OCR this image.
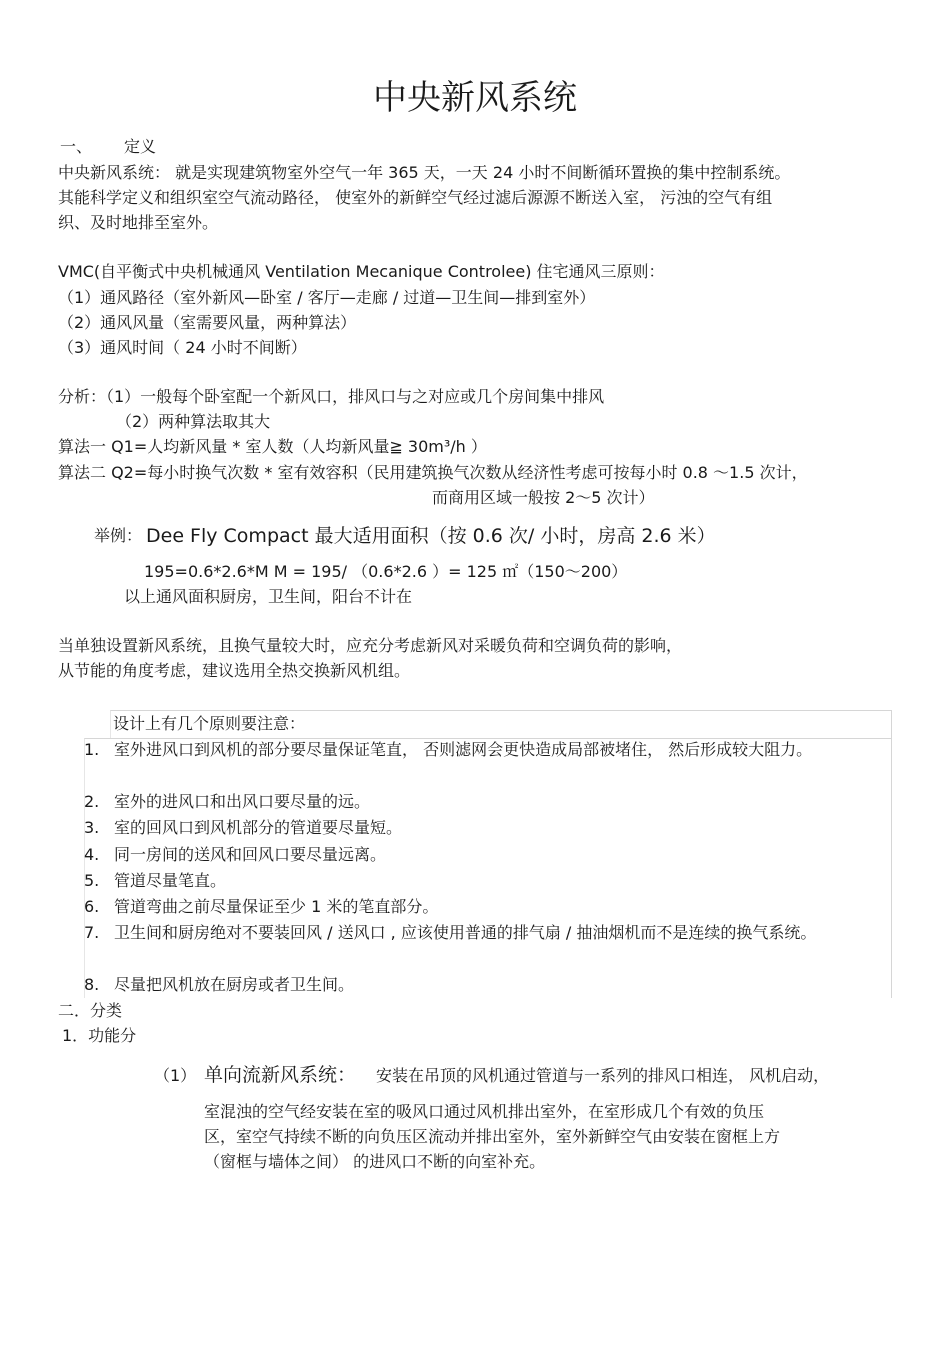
中央新风系统
一、 定义
中央新风系统： 就是实现建筑物室外空气一年 365 天，一天 24 小时不间断循环置换的集中控制系统。
其能科学定义和组织室空气流动路径， 使室外的新鲜空气经过滤后源源不断送入室， 污浊的空气有组
织、及时地排至室外。
VMC(自平衡式中央机械通风 Ventilation Mecanique Controlee) 住宅通风三原则：
（1）通风路径（室外新风—卧室 / 客厅—走廊 / 过道—卫生间—排到室外）
（2）通风风量（室需要风量，两种算法）
（3）通风时间（ 24 小时不间断）
分析：（1）一般每个卧室配一个新风口，排风口与之对应或几个房间集中排风
（2）两种算法取其大
算法一 Q1=人均新风量 * 室人数（人均新风量≧ 30m³/h ）
算法二 Q2=每小时换气次数 * 室有效容积（民用建筑换气次数从经济性考虑可按每小时 0.8 ～1.5 次计，
而商用区域一般按 2～5 次计）
举例： Dee Fly Compact 最大适用面积（按 0.6 次/ 小时，房高 2.6 米）
195=0.6*2.6*M M = 195/ （0.6*2.6 ）= 125 ㎡（150～200）
以上通风面积厨房，卫生间，阳台不计在
当单独设置新风系统，且换气量较大时，应充分考虑新风对采暖负荷和空调负荷的影响，
从节能的角度考虑，建议选用全热交换新风机组。
设计上有几个原则要注意：
1. 室外进风口到风机的部分要尽量保证笔直， 否则滤网会更快造成局部被堵住， 然后形成较大阻力。
2. 室外的进风口和出风口要尽量的远。
3. 室的回风口到风机部分的管道要尽量短。
4. 同一房间的送风和回风口要尽量远离。
5. 管道尽量笔直。
6. 管道弯曲之前尽量保证至少 1 米的笔直部分。
7. 卫生间和厨房绝对不要装回风 / 送风口 , 应该使用普通的排气扇 / 抽油烟机而不是连续的换气系统。
8. 尽量把风机放在厨房或者卫生间。
二．分类
1．功能分
（1） 单向流新风系统： 安装在吊顶的风机通过管道与一系列的排风口相连， 风机启动，
室混浊的空气经安装在室的吸风口通过风机排出室外，在室形成几个有效的负压
区，室空气持续不断的向负压区流动并排出室外，室外新鲜空气由安装在窗框上方
（窗框与墙体之间） 的进风口不断的向室补充。
